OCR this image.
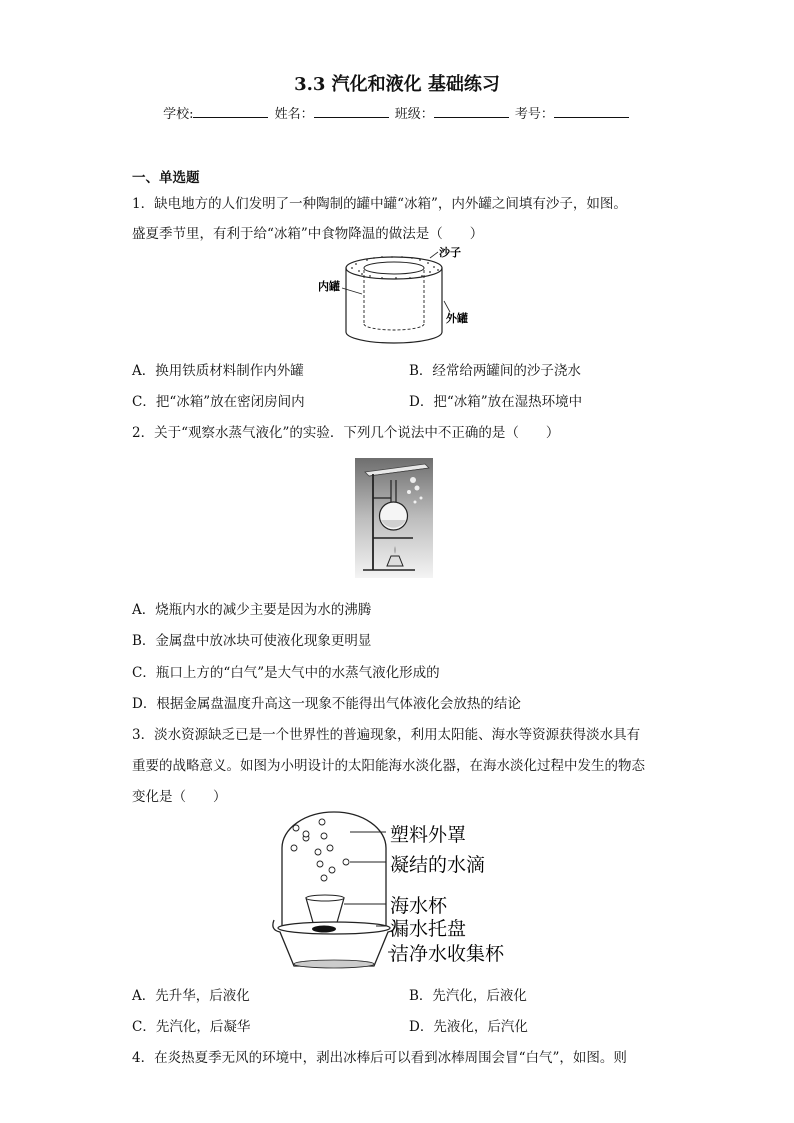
3.3 汽化和液化 基础练习
学校:	姓名：	班级：	考号：
一、单选题
1．缺电地方的人们发明了一种陶制的罐中罐“冰箱”，内外罐之间填有沙子，如图。
盛夏季节里，有利于给“冰箱”中食物降温的做法是（　　）
沙子
内罐
外罐
A．换用铁质材料制作内外罐	B．经常给两罐间的沙子浇水
C．把“冰箱”放在密闭房间内	D．把“冰箱”放在湿热环境中
2．关于“观察水蒸气液化”的实验．下列几个说法中不正确的是（　　）
A．烧瓶内水的减少主要是因为水的沸腾
B．金属盘中放冰块可使液化现象更明显
C．瓶口上方的“白气”是大气中的水蒸气液化形成的
D．根据金属盘温度升高这一现象不能得出气体液化会放热的结论
3．淡水资源缺乏已是一个世界性的普遍现象，利用太阳能、海水等资源获得淡水具有
重要的战略意义。如图为小明设计的太阳能海水淡化器，在海水淡化过程中发生的物态
变化是（　　）
塑料外罩
凝结的水滴
海水杯
漏水托盘
洁净水收集杯
A．先升华，后液化	B．先汽化，后液化
C．先汽化，后凝华	D．先液化，后汽化
4．在炎热夏季无风的环境中，剥出冰棒后可以看到冰棒周围会冒“白气”，如图。则
